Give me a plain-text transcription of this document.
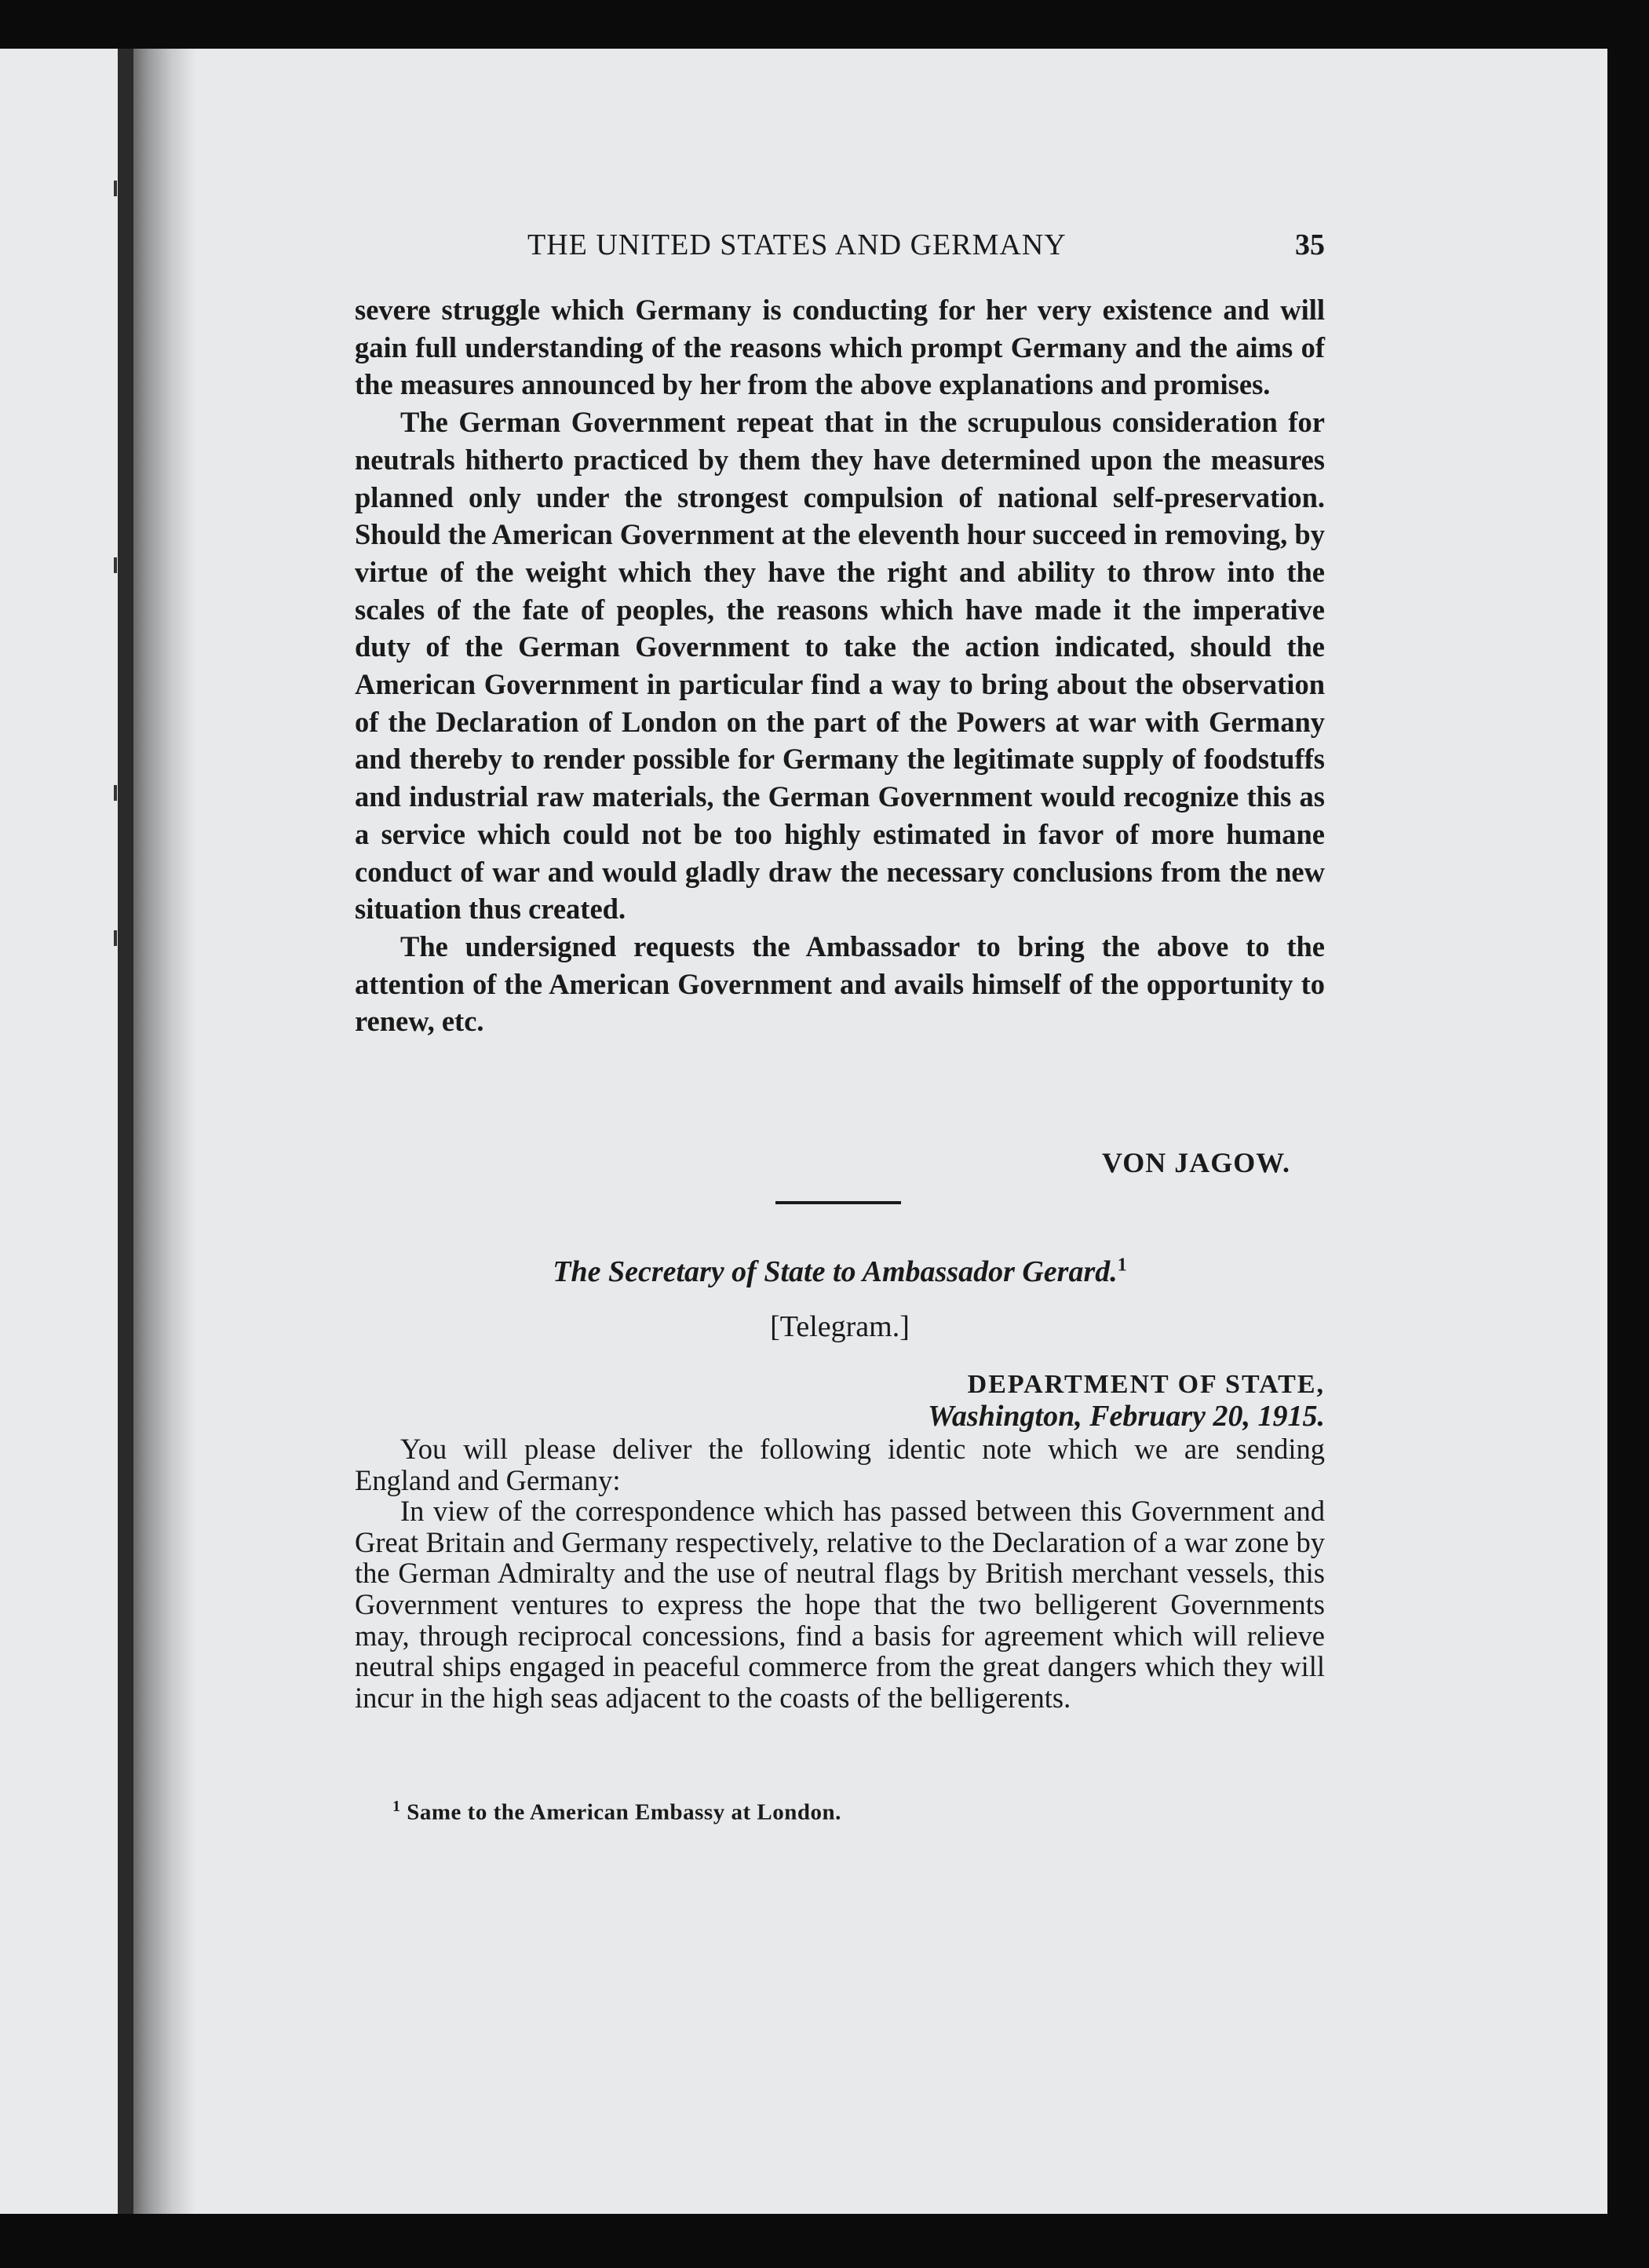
THE UNITED STATES AND GERMANY	35

severe struggle which Germany is conducting for her very existence and will gain full understanding of the reasons which prompt Germany and the aims of the measures announced by her from the above explanations and promises.

The German Government repeat that in the scrupulous consideration for neutrals hitherto practiced by them they have determined upon the measures planned only under the strongest compulsion of national self-preservation. Should the American Government at the eleventh hour succeed in removing, by virtue of the weight which they have the right and ability to throw into the scales of the fate of peoples, the reasons which have made it the imperative duty of the German Government to take the action indicated, should the American Government in particular find a way to bring about the observation of the Declaration of London on the part of the Powers at war with Germany and thereby to render possible for Germany the legitimate supply of foodstuffs and industrial raw materials, the German Government would recognize this as a service which could not be too highly estimated in favor of more humane conduct of war and would gladly draw the necessary conclusions from the new situation thus created.

The undersigned requests the Ambassador to bring the above to the attention of the American Government and avails himself of the opportunity to renew, etc.

VON JAGOW.
The Secretary of State to Ambassador Gerard.$^1$
[Telegram.]
DEPARTMENT OF STATE,
Washington, February 20, 1915.

You will please deliver the following identic note which we are sending England and Germany:

In view of the correspondence which has passed between this Government and Great Britain and Germany respectively, relative to the Declaration of a war zone by the German Admiralty and the use of neutral flags by British merchant vessels, this Government ventures to express the hope that the two belligerent Governments may, through reciprocal concessions, find a basis for agreement which will relieve neutral ships engaged in peaceful commerce from the great dangers which they will incur in the high seas adjacent to the coasts of the belligerents.

$^1$ Same to the American Embassy at London.
